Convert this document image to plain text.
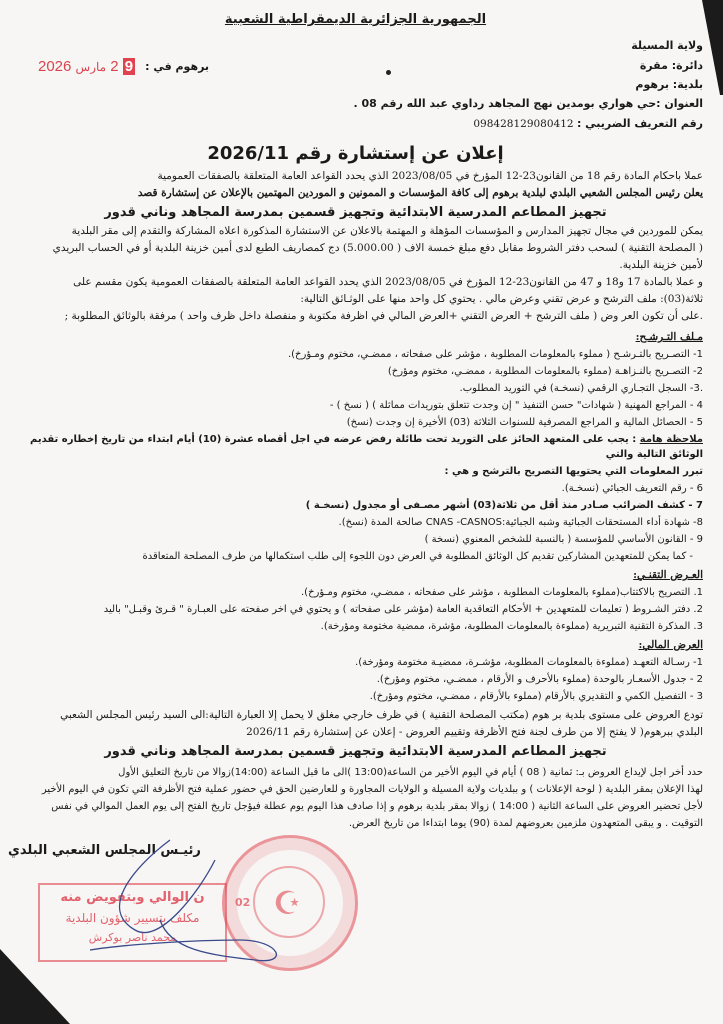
الجمهورية الجزائرية الديمقراطية الشعبية
ولاية المسيلة
دائرة: مقرة
بلدية: برهوم
العنوان :حي هواري بومدين نهج المجاهد رداوي عبد الله رقم 08 .
رقم التعريف الضريبي : 098428129080412
برهوم في :
9 2 مارس 2026
إعلان عن إستشارة رقم 2026/11
عملا باحكام المادة رقم 18 من القانون23-12 المؤرخ في 2023/08/05 الذي يحدد القواعد العامة المتعلقة بالصفقات العمومية
يعلن رئيس المجلس الشعبي البلدي لبلدية برهوم إلى كافة المؤسسات و الممونين و الموردين المهتمين بالإعلان عن إستشارة قصد
تجهيز المطاعم المدرسية الابتدائية وتجهيز قسمين بمدرسة المجاهد وناني قدور
يمكن للموردين في مجال تجهيز المدارس و المؤسسات المؤهلة و المهتمة بالاعلان عن الاستشارة المذكورة اعلاه المشاركة والتقدم إلى مقر البلدية
( المصلحة التقنية ) لسحب دفتر الشروط مقابل دفع مبلغ خمسة الاف ( 5.000.00) دج كمصاريف الطبع لدى أمين خزينة البلدية أو في الحساب البريدي
لأمين خزينة البلدية.
و عملا بالمادة 17 و18 و 47 من القانون23-12 المؤرخ في 2023/08/05 الذي يحدد القواعد العامة المتعلقة بالصفقات العمومية يكون مقسم على
ثلاثة(03): ملف الترشح و عرض تقني وعرض مالي . يحتوي كل واحد منها على الوثـائق التالية:
.على أن تكون العر وض ( ملف الترشح + العرض التقني +العرض المالي في اظرفة مكتوبة و منفصلة داخل ظرف واحد ) مرفقة بالوثائق المطلوبة ;
مـلف التـرشـح:
1- التصـريح بالتـرشـح ( مملوء بالمعلومات المطلوبة ، مؤشر على صفحاته ، ممضـي، مختوم ومـؤرخ).
2- التصـريح بالنـزاهـة (مملوء بالمعلومات المطلوبة ، ممضـي، مختوم ومؤرخ)
.3- السجل التجـاري الرقمي (نسخـة) في التوريد المطلوب.
4 - المراجع المهنية ( شهادات" حسن التنفيذ " إن وجدت تتعلق بتوريدات مماثلة ) ( نسخ ) -
5 - الحصائل المالية و المراجع المصرفية للسنوات الثلاثة (03) الأخيرة إن وجدت (نسخ)
ملاحظة هامة : يجب على المتعهد الحائز على التوريد تحت طائلة رفض عرضه في اجل أقصاه عشرة (10) أيام ابتداء من تاريخ إخطاره تقديم الوثائق التالية والتي
تبرر المعلومات التي يحتويها التصريح بالترشح و هي :
6 - رقم التعريف الجبائي (نسخـة).
7 - كشف الضرائب صـادر منذ أقل من ثلاثة(03) أشهر مصـفى أو مجدول (نسخـة )
8- شهادة أداء المستحقات الجبائية وشبه الجبائية:CNAS -CASNOS صالحة المدة (نسخ).
9 - القانون الأساسي للمؤسسة ( بالنسبة للشخص المعنوي (نسخة )
- كما يمكن للمتعهدين المشاركين تقديم كل الوثائق المطلوبة في العرض دون اللجوء إلى طلب استكمالها من طرف المصلحة المتعاقدة
العـرض التقنـي:
1. التصريح بالاكتتاب(مملوء بالمعلومات المطلوبة ، مؤشر على صفحاته ، ممضـي، مختوم ومـؤرخ).
2. دفتر الشـروط ( تعليمات للمتعهدين + الأحكام التعاقدية العامة (مؤشر على صفحاته ) و يحتوي في اخر صفحته على العبـارة " قـرئ وقبـل" باليد
3. المذكرة التقنية التبريرية (مملوءة بالمعلومات المطلوبة، مؤشرة، ممضية مختومة ومؤرخة).
العرض المالي:
1- رسـالة التعهـد (مملوءة بالمعلومات المطلوبة، مؤشـرة، ممضيـة مختومة ومؤرخة).
2 - جدول الأسعـار بالوحدة (مملوء بالأحرف و الأرقام ، ممضـي، مختوم ومؤرخ).
3 - التفصيل الكمي و التقديري بالأرقام (مملوء بالأرقام ، ممضـي، مختوم ومؤرخ).
تودع العروض على مستوى بلدية بر هوم (مكتب المصلحة التقنية ) في ظرف خارجي مغلق لا يحمل إلا العبارة التالية:الى السيد رئيس المجلس الشعبي
البلدي ببرهوم( لا يفتح إلا من طرف لجنة فتح الأظرفة وتقييم العروض - إعلان عن إستشارة رقم 2026/11
تجهيز المطاعم المدرسية الابتدائية وتجهيز قسمين بمدرسة المجاهد وناني قدور
حدد أخر اجل لإيداع العروض بـ: ثمانية ( 08 ) أيام في اليوم الأخير من الساعة(13:00 )الى ما قبل الساعة (14:00)زوالا من تاريخ التعليق الأول
لهذا الإعلان بمقر البلدية ( لوحة الإعلانات ) و ببلديات ولاية المسيلة و الولايات المجاورة و للعارضين الحق في حضور عملية فتح الأظرفة التي تكون في اليوم الأخير
لأجل تحضير العروض على الساعة الثانية ( 14:00 ) زوالا بمقر بلدية برهوم و إذا صادف هذا اليوم يوم عطلة فيؤجل تاريخ الفتح إلى يوم العمل الموالي في نفس
التوقيت . و يبقى المتعهدون ملزمين بعروضهم لمدة (90) يوما ابتداءا من تاريخ العرض.
رئيـس المجلس الشعبي البلدي
☪
02
ن الوالي وبتفويض منه
مكلف بتسيير شؤون البلدية
محمد ناصر بوكرش
